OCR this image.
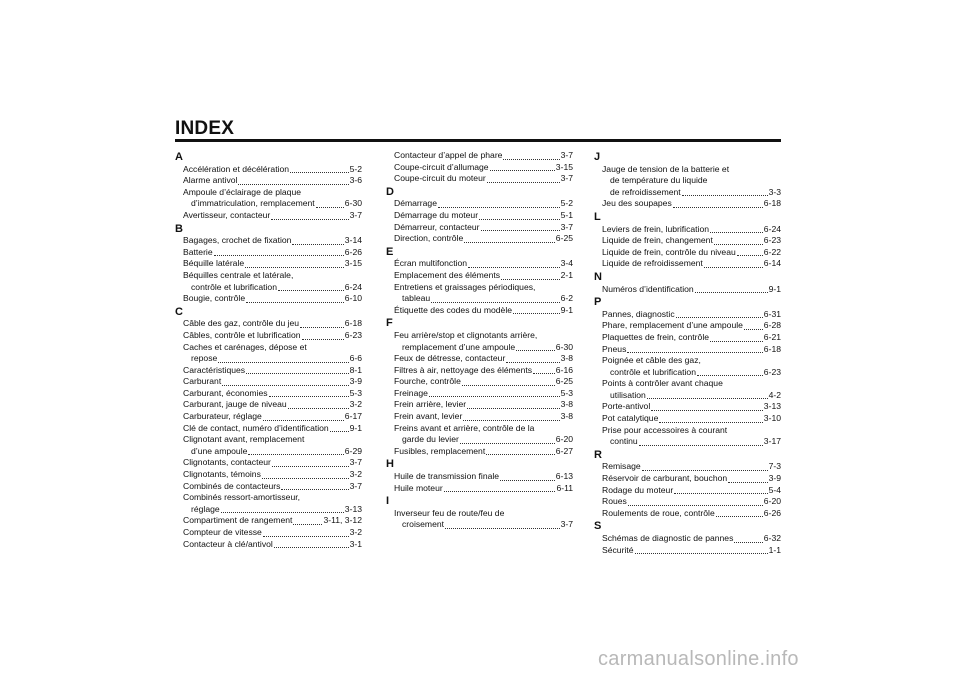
INDEX
A
Accélération et décélération	5-2
Alarme antivol	3-6
Ampoule d’éclairage de plaque
d’immatriculation, remplacement	6-30
Avertisseur, contacteur	3-7
B
Bagages, crochet de fixation	3-14
Batterie	6-26
Béquille latérale	3-15
Béquilles centrale et latérale,
contrôle et lubrification	6-24
Bougie, contrôle	6-10
C
Câble des gaz, contrôle du jeu	6-18
Câbles, contrôle et lubrification	6-23
Caches et carénages, dépose et
repose	6-6
Caractéristiques	8-1
Carburant	3-9
Carburant, économies	5-3
Carburant, jauge de niveau	3-2
Carburateur, réglage	6-17
Clé de contact, numéro d’identification 9-1
Clignotant avant, remplacement
d’une ampoule	6-29
Clignotants, contacteur	3-7
Clignotants, témoins	3-2
Combinés de contacteurs	3-7
Combinés ressort-amortisseur,
réglage	3-13
Compartiment de rangement	3-11, 3-12
Compteur de vitesse	3-2
Contacteur à clé/antivol	3-1
Contacteur d’appel de phare	3-7
Coupe-circuit d’allumage	3-15
Coupe-circuit du moteur	3-7
D
Démarrage	5-2
Démarrage du moteur	5-1
Démarreur, contacteur	3-7
Direction, contrôle	6-25
E
Écran multifonction	3-4
Emplacement des éléments	2-1
Entretiens et graissages périodiques,
tableau	6-2
Étiquette des codes du modèle	9-1
F
Feu arrière/stop et clignotants arrière,
remplacement d’une ampoule	6-30
Feux de détresse, contacteur	3-8
Filtres à air, nettoyage des éléments	6-16
Fourche, contrôle	6-25
Freinage	5-3
Frein arrière, levier	3-8
Frein avant, levier	3-8
Freins avant et arrière, contrôle de la
garde du levier	6-20
Fusibles, remplacement	6-27
H
Huile de transmission finale	6-13
Huile moteur	6-11
I
Inverseur feu de route/feu de
croisement	3-7
J
Jauge de tension de la batterie et
de température du liquide
de refroidissement	3-3
Jeu des soupapes	6-18
L
Leviers de frein, lubrification	6-24
Liquide de frein, changement	6-23
Liquide de frein, contrôle du niveau	6-22
Liquide de refroidissement	6-14
N
Numéros d’identification	9-1
P
Pannes, diagnostic	6-31
Phare, remplacement d’une ampoule 6-28
Plaquettes de frein, contrôle	6-21
Pneus	6-18
Poignée et câble des gaz,
contrôle et lubrification	6-23
Points à contrôler avant chaque
utilisation	4-2
Porte-antivol	3-13
Pot catalytique	3-10
Prise pour accessoires à courant
continu	3-17
R
Remisage	7-3
Réservoir de carburant, bouchon	3-9
Rodage du moteur	5-4
Roues	6-20
Roulements de roue, contrôle	6-26
S
Schémas de diagnostic de pannes	6-32
Sécurité	1-1
carmanualsonline.info
